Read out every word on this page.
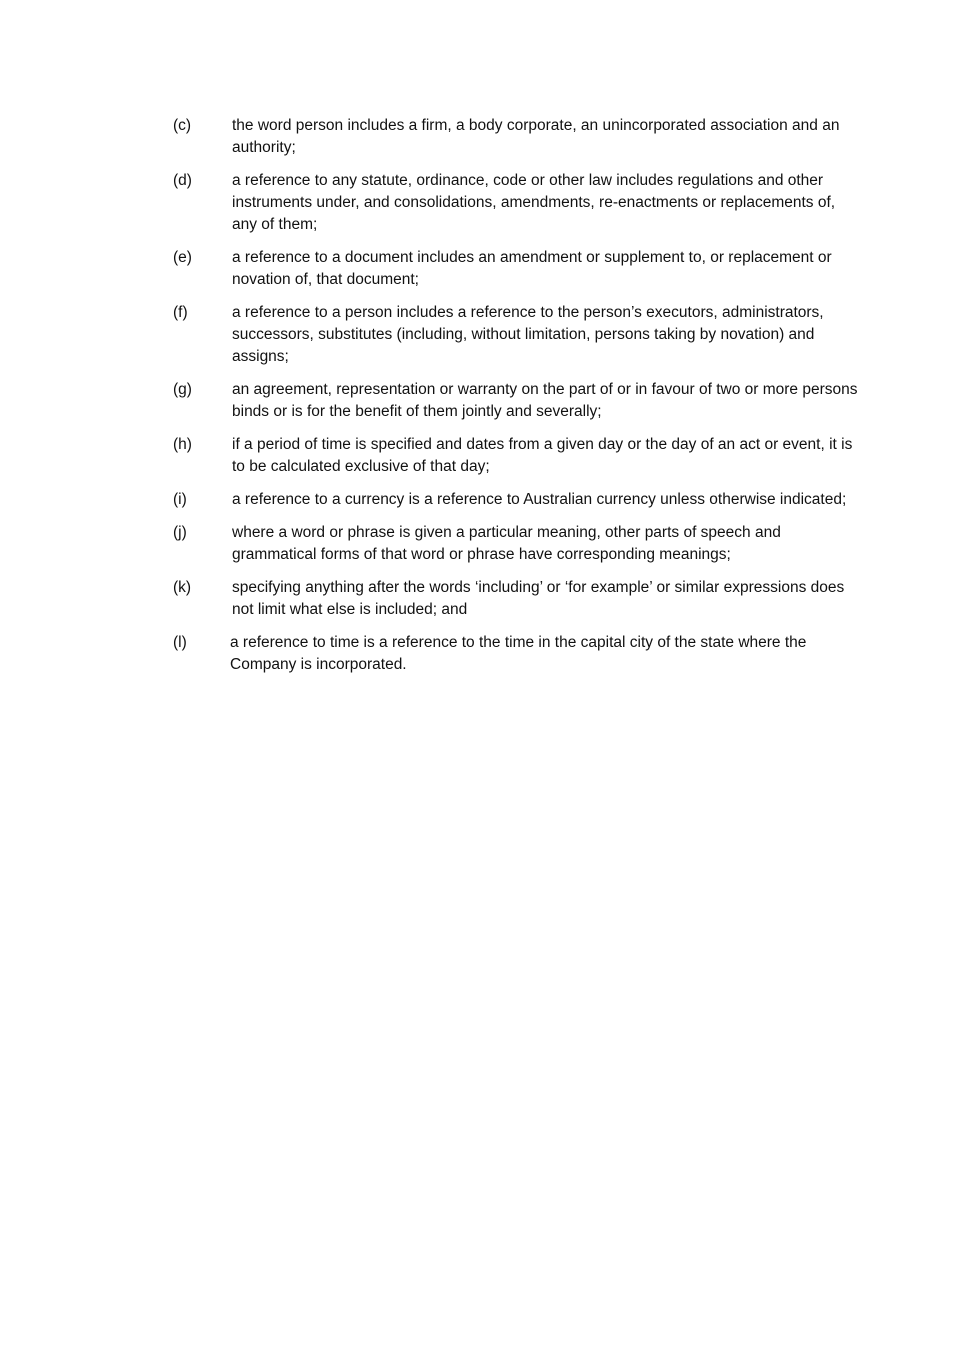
(c)	the word person includes a firm, a body corporate, an unincorporated association and an authority;
(d)	a reference to any statute, ordinance, code or other law includes regulations and other instruments under, and consolidations, amendments, re-enactments or replacements of, any of them;
(e)	a reference to a document includes an amendment or supplement to, or replacement or novation of, that document;
(f)	a reference to a person includes a reference to the person’s executors, administrators, successors, substitutes (including, without limitation, persons taking by novation) and assigns;
(g)	an agreement, representation or warranty on the part of or in favour of two or more persons binds or is for the benefit of them jointly and severally;
(h)	if a period of time is specified and dates from a given day or the day of an act or event, it is to be calculated exclusive of that day;
(i)	a reference to a currency is a reference to Australian currency unless otherwise indicated;
(j)	where a word or phrase is given a particular meaning, other parts of speech and grammatical forms of that word or phrase have corresponding meanings;
(k)	specifying anything after the words ‘including’ or ‘for example’ or similar expressions does not limit what else is included; and
(l)	a reference to time is a reference to the time in the capital city of the state where the Company is incorporated.
